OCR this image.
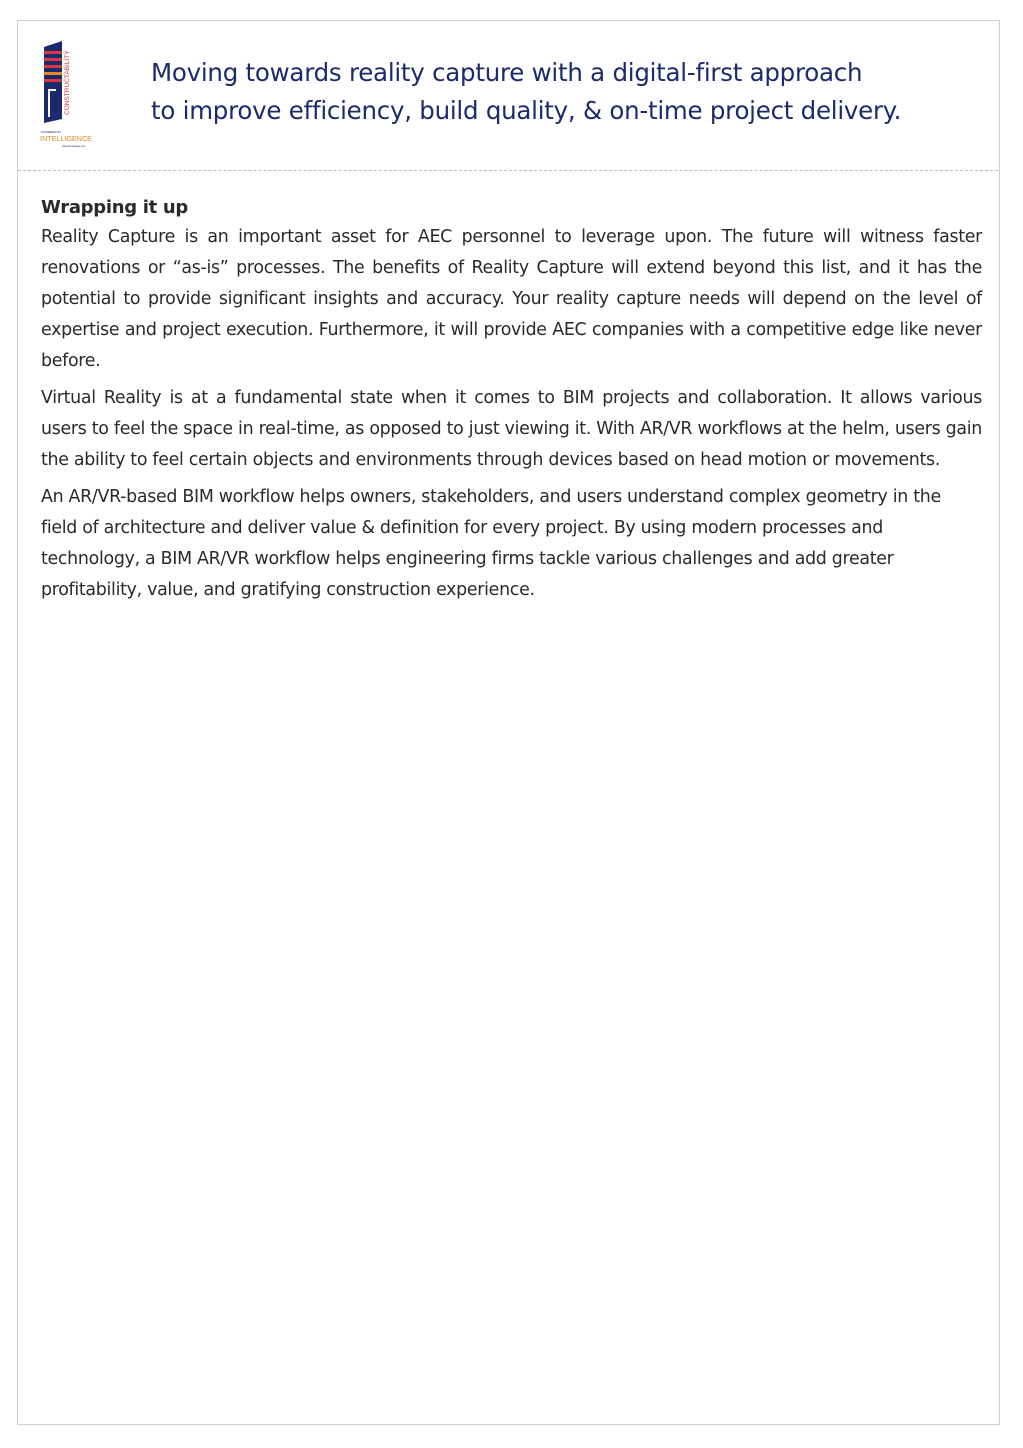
CONSTRUCTABILITY
POWERED BY
INTELLIGENCE
www.biminnaya.com
Moving towards reality capture with a digital-first approach
to improve efficiency, build quality, & on-time project delivery.
Wrapping it up

Reality Capture is an important asset for AEC personnel to leverage upon. The future will witness faster renovations or “as-is” processes. The benefits of Reality Capture will extend beyond this list, and it has the potential to provide significant insights and accuracy. Your reality capture needs will depend on the level of expertise and project execution. Furthermore, it will provide AEC companies with a competitive edge like never before.

Virtual Reality is at a fundamental state when it comes to BIM projects and collaboration. It allows various users to feel the space in real-time, as opposed to just viewing it. With AR/VR workflows at the helm, users gain the ability to feel certain objects and environments through devices based on head motion or movements.

An AR/VR-based BIM workflow helps owners, stakeholders, and users understand complex geometry in the field of architecture and deliver value & definition for every project. By using modern processes and technology, a BIM AR/VR workflow helps engineering firms tackle various challenges and add greater profitability, value, and gratifying construction experience.
